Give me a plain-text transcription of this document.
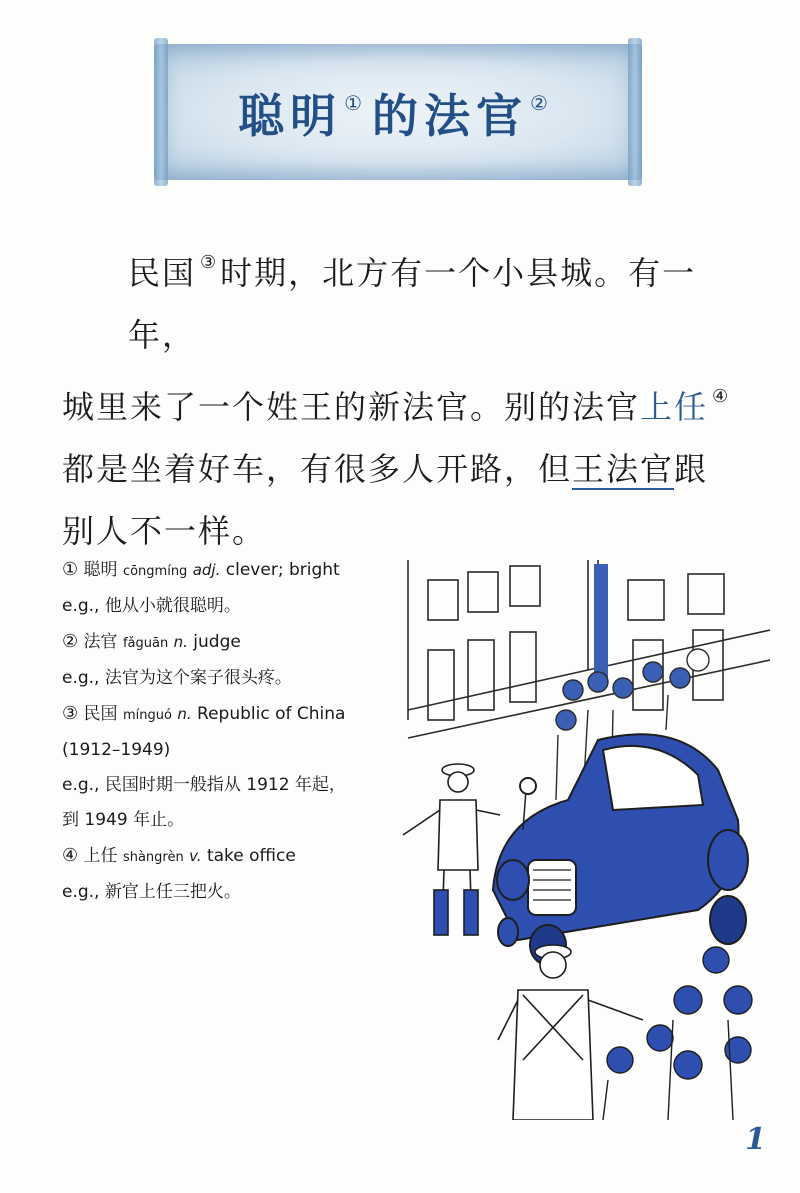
聪明 ① 的法官 ②

民国 ③ 时期，北方有一个小县城。有一年，

城里来了一个姓王的新法官。别的法官上任 ④

都是坐着好车，有很多人开路，但王法官跟

别人不一样。

① 聪明 cōngmíng adj. clever; bright
e.g., 他从小就很聪明。
② 法官 fǎguān n. judge
e.g., 法官为这个案子很头疼。
③ 民国 mínguó n. Republic of China
(1912–1949)
e.g., 民国时期一般指从 1912 年起，
到 1949 年止。
④ 上任 shàngrèn v. take office
e.g., 新官上任三把火。
1
